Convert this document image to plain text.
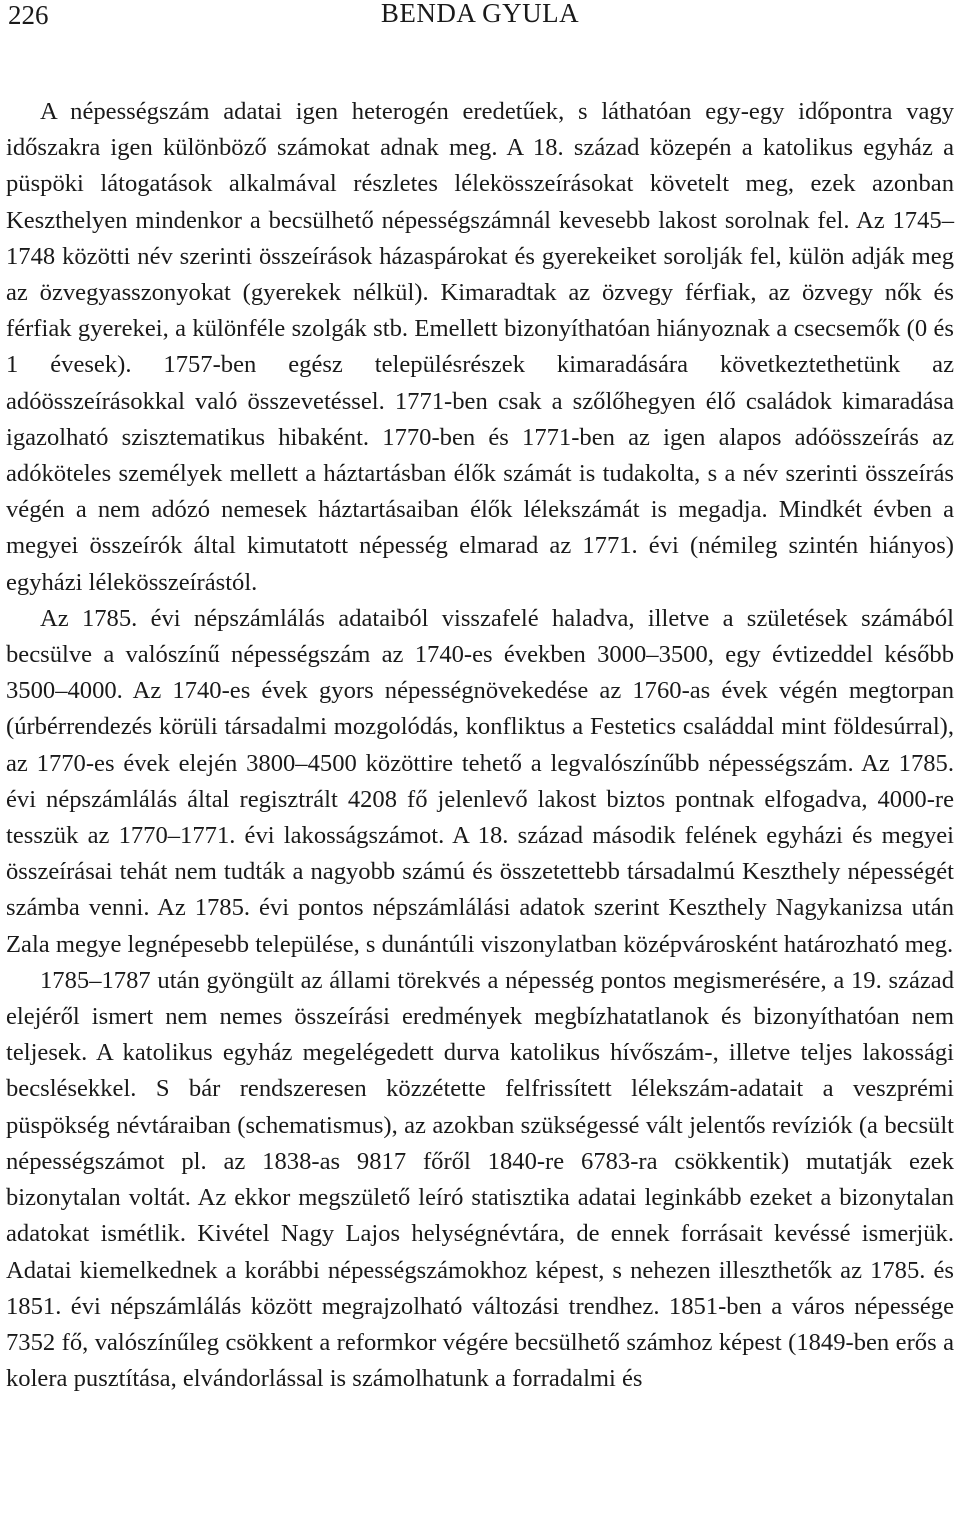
226	BENDA GYULA

A népességszám adatai igen heterogén eredetűek, s láthatóan egy-egy időpontra vagy időszakra igen különböző számokat adnak meg. A 18. század közepén a katolikus egyház a püspöki látogatások alkalmával részletes lélekösszeírásokat követelt meg, ezek azonban Keszthelyen mindenkor a becsülhető népességszámnál kevesebb lakost sorolnak fel. Az 1745–1748 közötti név szerinti összeírások házaspárokat és gyerekeiket sorolják fel, külön adják meg az özvegyasszonyokat (gyerekek nélkül). Kimaradtak az özvegy férfiak, az özvegy nők és férfiak gyerekei, a különféle szolgák stb. Emellett bizonyíthatóan hiányoznak a csecsemők (0 és 1 évesek). 1757-ben egész településrészek kimaradására következtethetünk az adóösszeírásokkal való összevetéssel. 1771-ben csak a szőlőhegyen élő családok kimaradása igazolható szisztematikus hibaként. 1770-ben és 1771-ben az igen alapos adóösszeírás az adóköteles személyek mellett a háztartásban élők számát is tudakolta, s a név szerinti összeírás végén a nem adózó nemesek háztartásaiban élők lélekszámát is megadja. Mindkét évben a megyei összeírók által kimutatott népesség elmarad az 1771. évi (némileg szintén hiányos) egyházi lélekösszeírástól.

Az 1785. évi népszámlálás adataiból visszafelé haladva, illetve a születések számából becsülve a valószínű népességszám az 1740-es években 3000–3500, egy évtizeddel később 3500–4000. Az 1740-es évek gyors népességnövekedése az 1760-as évek végén megtorpan (úrbérrendezés körüli társadalmi mozgolódás, konfliktus a Festetics családdal mint földesúrral), az 1770-es évek elején 3800–4500 közöttire tehető a legvalószínűbb népességszám. Az 1785. évi népszámlálás által regisztrált 4208 fő jelenlevő lakost biztos pontnak elfogadva, 4000-re tesszük az 1770–1771. évi lakosságszámot. A 18. század második felének egyházi és megyei összeírásai tehát nem tudták a nagyobb számú és összetettebb társadalmú Keszthely népességét számba venni. Az 1785. évi pontos népszámlálási adatok szerint Keszthely Nagykanizsa után Zala megye legnépesebb települése, s dunántúli viszonylatban középvárosként határozható meg.

1785–1787 után gyöngült az állami törekvés a népesség pontos megismerésére, a 19. század elejéről ismert nem nemes összeírási eredmények megbízhatatlanok és bizonyíthatóan nem teljesek. A katolikus egyház megelégedett durva katolikus hívőszám-, illetve teljes lakossági becslésekkel. S bár rendszeresen közzétette felfrissített lélekszám-adatait a veszprémi püspökség névtáraiban (schematismus), az azokban szükségessé vált jelentős revíziók (a becsült népességszámot pl. az 1838-as 9817 főről 1840-re 6783-ra csökkentik) mutatják ezek bizonytalan voltát. Az ekkor megszülető leíró statisztika adatai leginkább ezeket a bizonytalan adatokat ismétlik. Kivétel Nagy Lajos helységnévtára, de ennek forrásait kevéssé ismerjük. Adatai kiemelkednek a korábbi népességszámokhoz képest, s nehezen illeszthetők az 1785. és 1851. évi népszámlálás között megrajzolható változási trendhez. 1851-ben a város népessége 7352 fő, valószínűleg csökkent a reformkor végére becsülhető számhoz képest (1849-ben erős a kolera pusztítása, elvándorlással is számolhatunk a forradalmi és
